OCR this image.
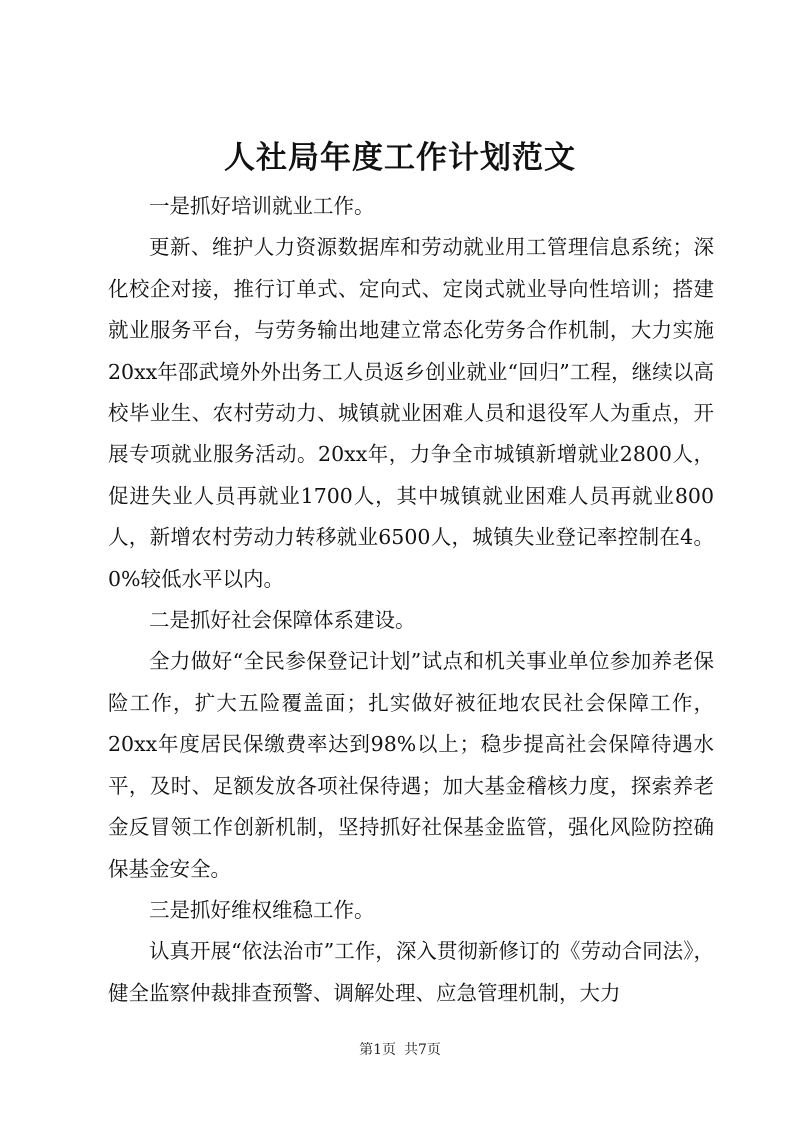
人社局年度工作计划范文

一是抓好培训就业工作。

更新、维护人力资源数据库和劳动就业用工管理信息系统；深化校企对接，推行订单式、定向式、定岗式就业导向性培训；搭建就业服务平台，与劳务输出地建立常态化劳务合作机制，大力实施20xx年邵武境外外出务工人员返乡创业就业“回归”工程，继续以高校毕业生、农村劳动力、城镇就业困难人员和退役军人为重点，开展专项就业服务活动。20xx年，力争全市城镇新增就业2800人，促进失业人员再就业1700人，其中城镇就业困难人员再就业800人，新增农村劳动力转移就业6500人，城镇失业登记率控制在4。0%较低水平以内。

二是抓好社会保障体系建设。

全力做好“全民参保登记计划”试点和机关事业单位参加养老保险工作，扩大五险覆盖面；扎实做好被征地农民社会保障工作，20xx年度居民保缴费率达到98%以上；稳步提高社会保障待遇水平，及时、足额发放各项社保待遇；加大基金稽核力度，探索养老金反冒领工作创新机制，坚持抓好社保基金监管，强化风险防控确保基金安全。

三是抓好维权维稳工作。

认真开展“依法治市”工作，深入贯彻新修订的《劳动合同法》，健全监察仲裁排查预警、调解处理、应急管理机制，大力

第1页 共7页
